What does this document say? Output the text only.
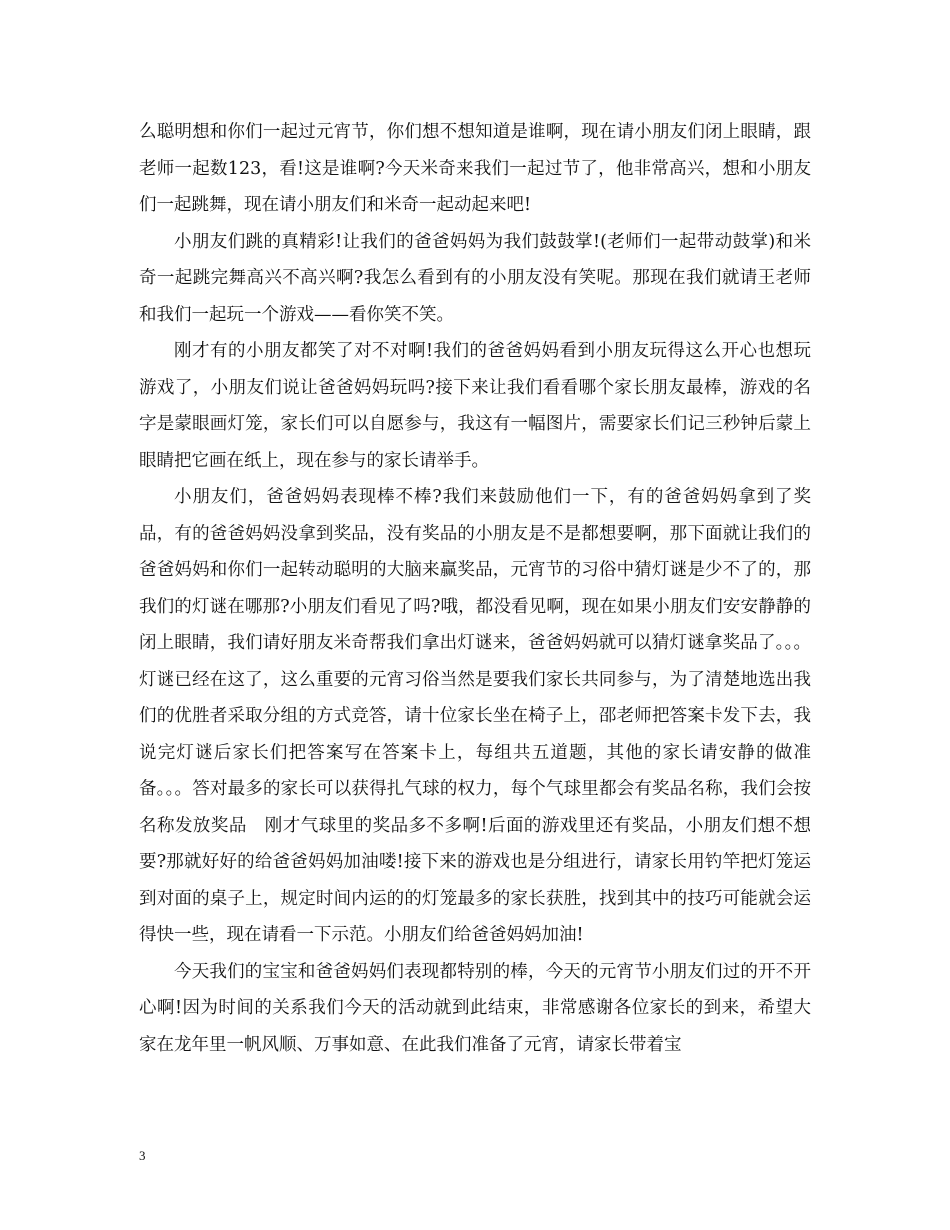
么聪明想和你们一起过元宵节，你们想不想知道是谁啊，现在请小朋友们闭上眼睛，跟老师一起数123，看!这是谁啊?今天米奇来我们一起过节了，他非常高兴，想和小朋友们一起跳舞，现在请小朋友们和米奇一起动起来吧!

小朋友们跳的真精彩!让我们的爸爸妈妈为我们鼓鼓掌!(老师们一起带动鼓掌)和米奇一起跳完舞高兴不高兴啊?我怎么看到有的小朋友没有笑呢。那现在我们就请王老师和我们一起玩一个游戏——看你笑不笑。

刚才有的小朋友都笑了对不对啊!我们的爸爸妈妈看到小朋友玩得这么开心也想玩游戏了，小朋友们说让爸爸妈妈玩吗?接下来让我们看看哪个家长朋友最棒，游戏的名字是蒙眼画灯笼，家长们可以自愿参与，我这有一幅图片，需要家长们记三秒钟后蒙上眼睛把它画在纸上，现在参与的家长请举手。

小朋友们，爸爸妈妈表现棒不棒?我们来鼓励他们一下，有的爸爸妈妈拿到了奖品，有的爸爸妈妈没拿到奖品，没有奖品的小朋友是不是都想要啊，那下面就让我们的爸爸妈妈和你们一起转动聪明的大脑来赢奖品，元宵节的习俗中猜灯谜是少不了的，那我们的灯谜在哪那?小朋友们看见了吗?哦，都没看见啊，现在如果小朋友们安安静静的闭上眼睛，我们请好朋友米奇帮我们拿出灯谜来，爸爸妈妈就可以猜灯谜拿奖品了。。。灯谜已经在这了，这么重要的元宵习俗当然是要我们家长共同参与，为了清楚地选出我们的优胜者采取分组的方式竞答，请十位家长坐在椅子上，邵老师把答案卡发下去，我说完灯谜后家长们把答案写在答案卡上，每组共五道题，其他的家长请安静的做准备。。。答对最多的家长可以获得扎气球的权力，每个气球里都会有奖品名称，我们会按名称发放奖品　刚才气球里的奖品多不多啊!后面的游戏里还有奖品，小朋友们想不想要?那就好好的给爸爸妈妈加油喽!接下来的游戏也是分组进行，请家长用钓竿把灯笼运到对面的桌子上，规定时间内运的的灯笼最多的家长获胜，找到其中的技巧可能就会运得快一些，现在请看一下示范。小朋友们给爸爸妈妈加油!

今天我们的宝宝和爸爸妈妈们表现都特别的棒，今天的元宵节小朋友们过的开不开心啊!因为时间的关系我们今天的活动就到此结束，非常感谢各位家长的到来，希望大家在龙年里一帆风顺、万事如意、在此我们准备了元宵，请家长带着宝

3
